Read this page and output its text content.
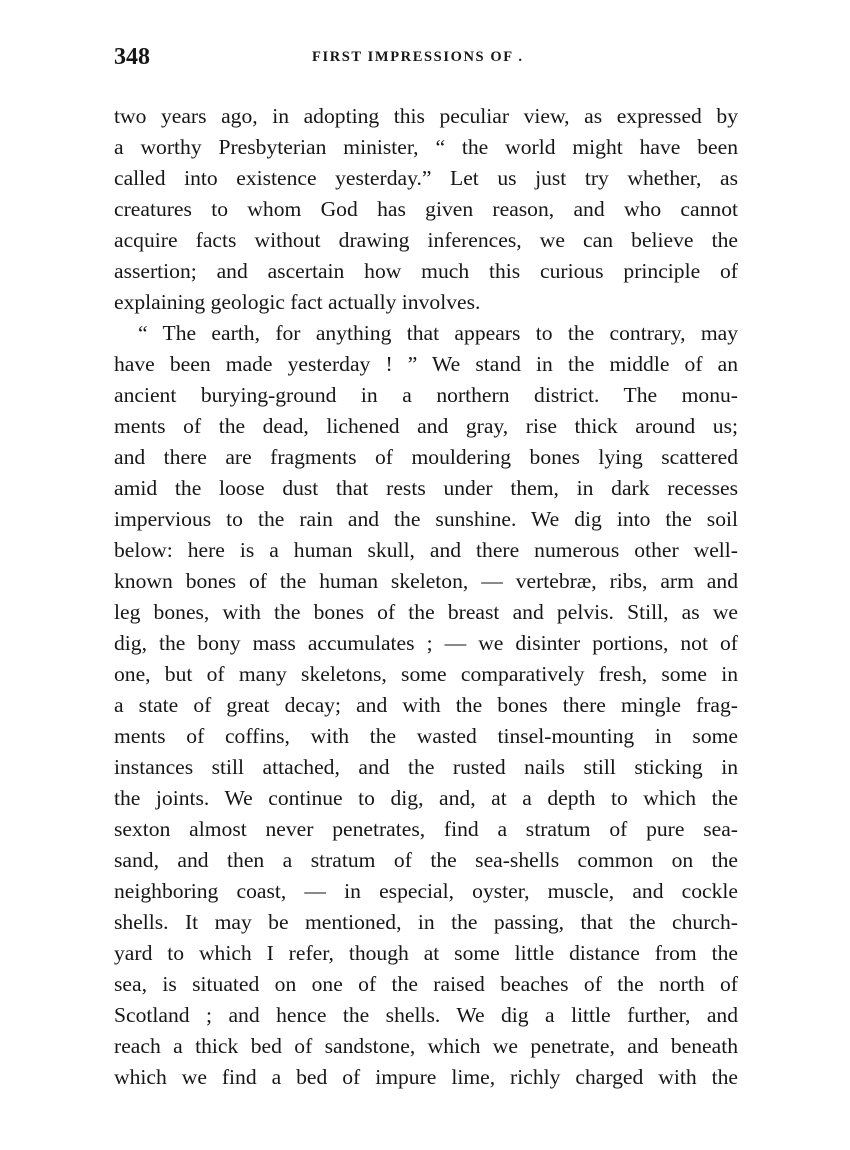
348	FIRST IMPRESSIONS OF .
two years ago, in adopting this peculiar view, as expressed by
a worthy Presbyterian minister, “ the world might have been
called into existence yesterday.” Let us just try whether, as
creatures to whom God has given reason, and who cannot
acquire facts without drawing inferences, we can believe the
assertion; and ascertain how much this curious principle of
explaining geologic fact actually involves.
“ The earth, for anything that appears to the contrary, may
have been made yesterday ! ” We stand in the middle of an
ancient burying-ground in a northern district. The monu-
ments of the dead, lichened and gray, rise thick around us;
and there are fragments of mouldering bones lying scattered
amid the loose dust that rests under them, in dark recesses
impervious to the rain and the sunshine. We dig into the soil
below: here is a human skull, and there numerous other well-
known bones of the human skeleton, — vertebræ, ribs, arm and
leg bones, with the bones of the breast and pelvis. Still, as we
dig, the bony mass accumulates ; — we disinter portions, not of
one, but of many skeletons, some comparatively fresh, some in
a state of great decay; and with the bones there mingle frag-
ments of coffins, with the wasted tinsel-mounting in some
instances still attached, and the rusted nails still sticking in
the joints. We continue to dig, and, at a depth to which the
sexton almost never penetrates, find a stratum of pure sea-
sand, and then a stratum of the sea-shells common on the
neighboring coast, — in especial, oyster, muscle, and cockle
shells. It may be mentioned, in the passing, that the church-
yard to which I refer, though at some little distance from the
sea, is situated on one of the raised beaches of the north of
Scotland ; and hence the shells. We dig a little further, and
reach a thick bed of sandstone, which we penetrate, and beneath
which we find a bed of impure lime, richly charged with the
